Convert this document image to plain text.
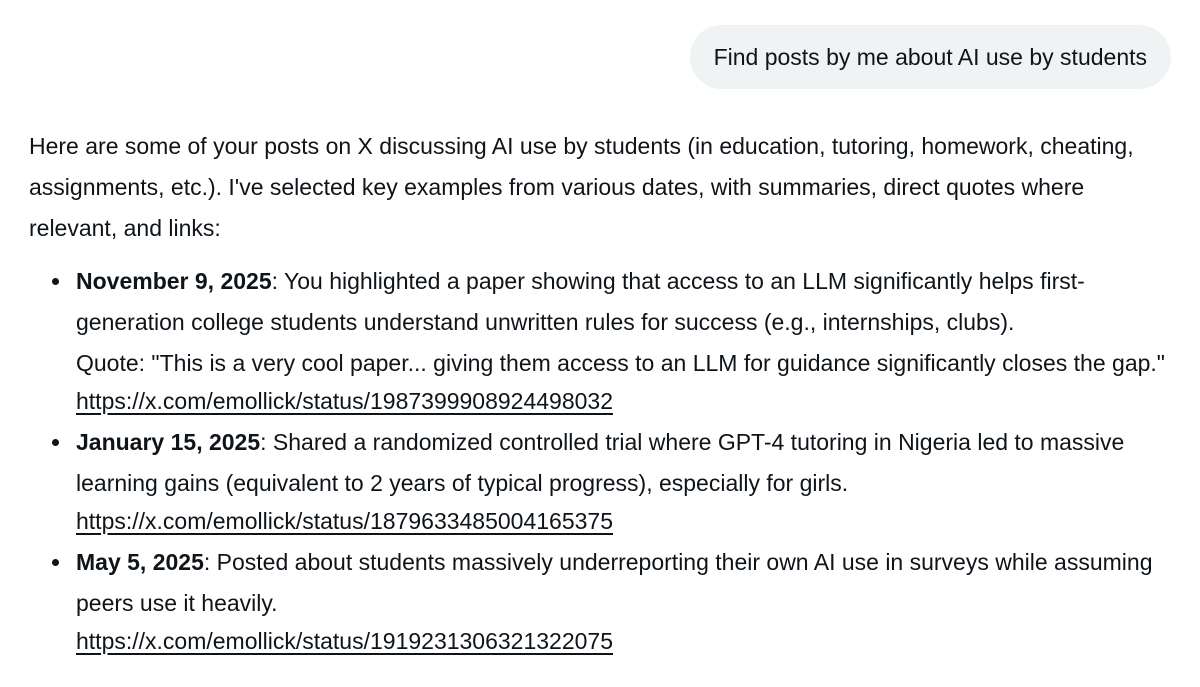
Find posts by me about AI use by students

Here are some of your posts on X discussing AI use by students (in education, tutoring, homework, cheating, assignments, etc.). I've selected key examples from various dates, with summaries, direct quotes where relevant, and links:

November 9, 2025: You highlighted a paper showing that access to an LLM significantly helps first-generation college students understand unwritten rules for success (e.g., internships, clubs).
Quote: "This is a very cool paper... giving them access to an LLM for guidance significantly closes the gap."
https://x.com/emollick/status/1987399908924498032
January 15, 2025: Shared a randomized controlled trial where GPT-4 tutoring in Nigeria led to massive learning gains (equivalent to 2 years of typical progress), especially for girls.
https://x.com/emollick/status/1879633485004165375
May 5, 2025: Posted about students massively underreporting their own AI use in surveys while assuming peers use it heavily.
https://x.com/emollick/status/1919231306321322075
